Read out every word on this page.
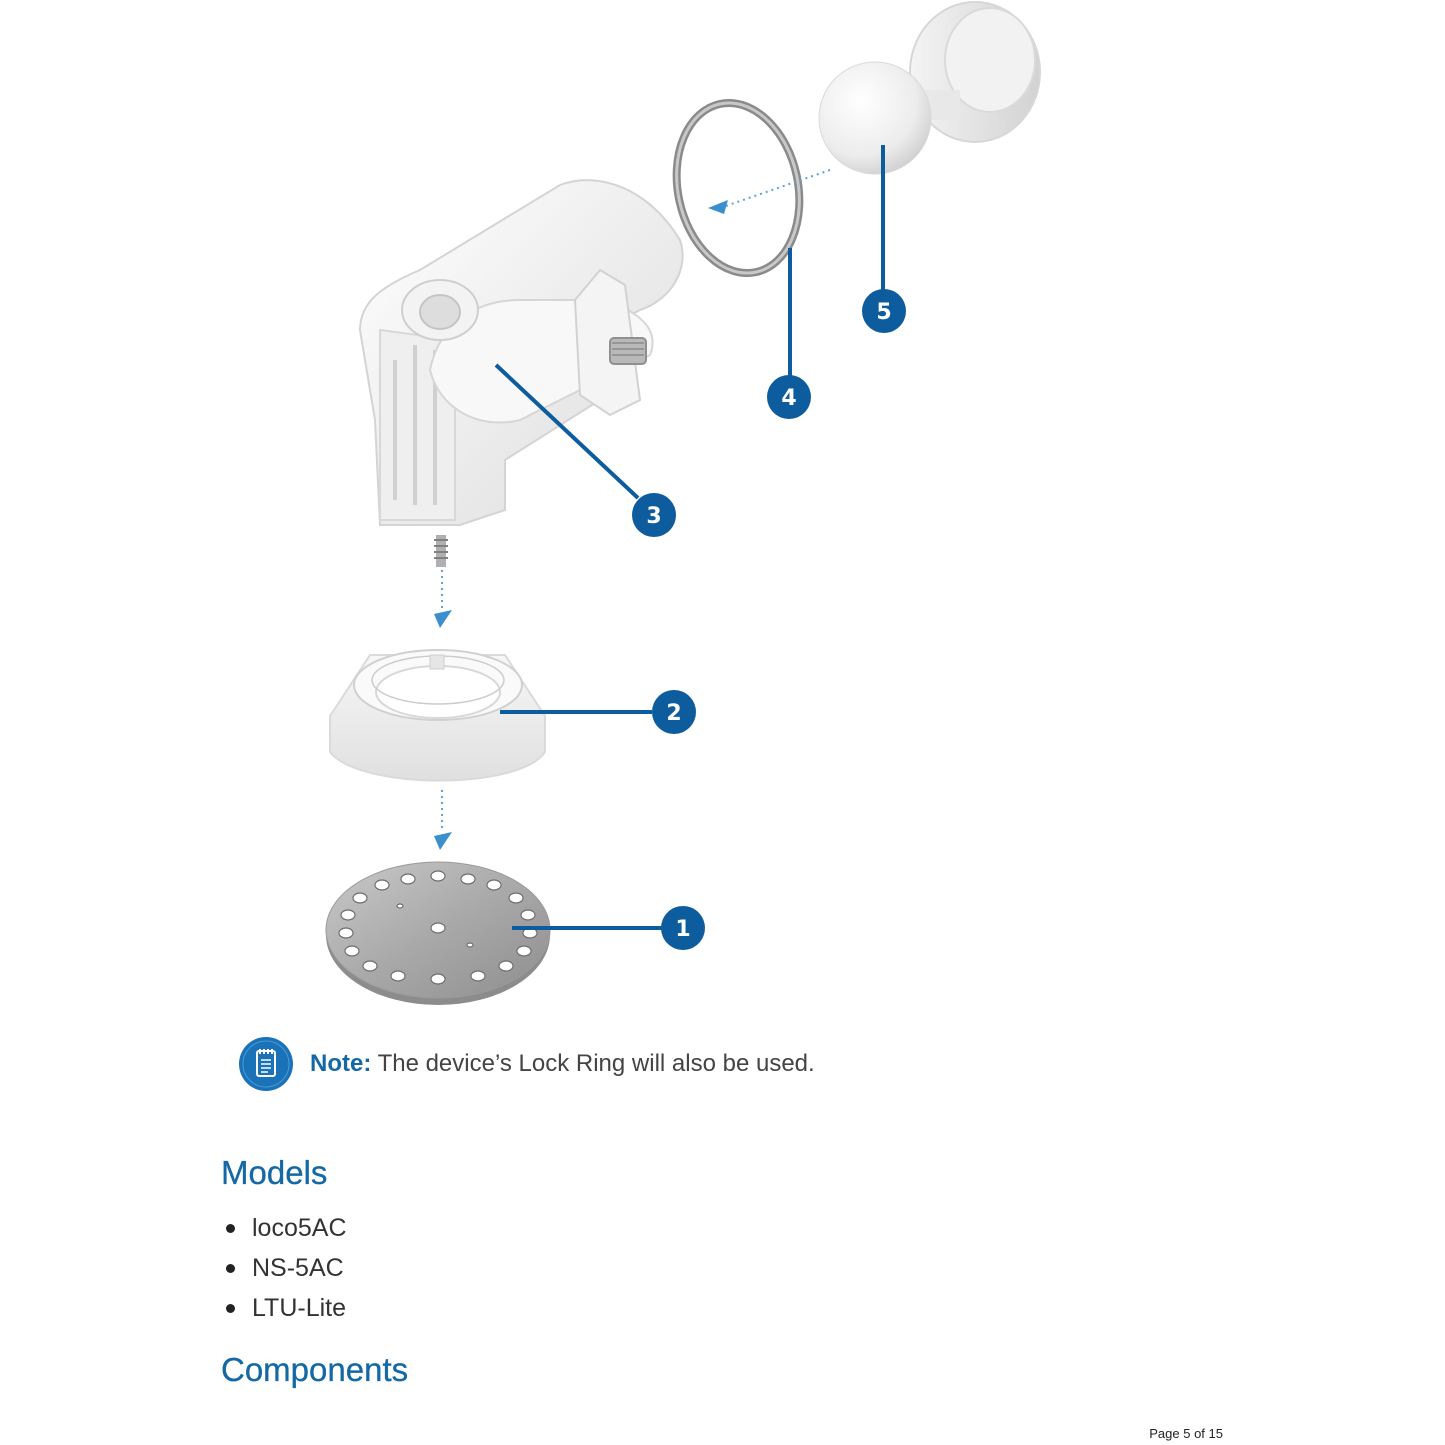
1
2
3
4
5
Note: The device’s Lock Ring will also be used.
Models
loco5AC
NS-5AC
LTU-Lite
Components
Page 5 of 15
